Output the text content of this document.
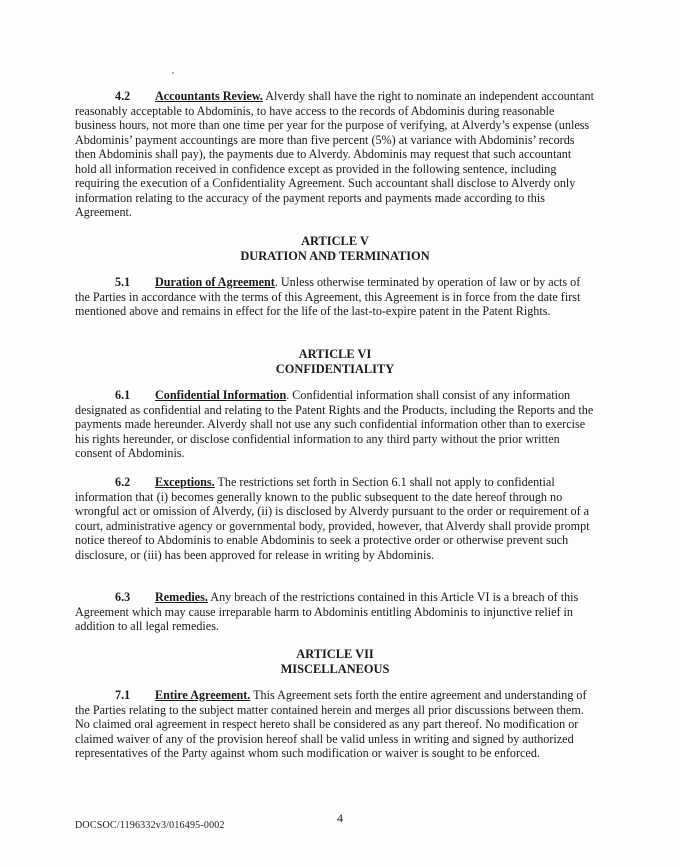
4.2 Accountants Review. Alverdy shall have the right to nominate an independent accountant reasonably acceptable to Abdominis, to have access to the records of Abdominis during reasonable business hours, not more than one time per year for the purpose of verifying, at Alverdy’s expense (unless Abdominis’ payment accountings are more than five percent (5%) at variance with Abdominis’ records then Abdominis shall pay), the payments due to Alverdy. Abdominis may request that such accountant hold all information received in confidence except as provided in the following sentence, including requiring the execution of a Confidentiality Agreement. Such accountant shall disclose to Alverdy only information relating to the accuracy of the payment reports and payments made according to this Agreement.
ARTICLE V
DURATION AND TERMINATION
5.1 Duration of Agreement. Unless otherwise terminated by operation of law or by acts of the Parties in accordance with the terms of this Agreement, this Agreement is in force from the date first mentioned above and remains in effect for the life of the last-to-expire patent in the Patent Rights.
ARTICLE VI
CONFIDENTIALITY
6.1 Confidential Information. Confidential information shall consist of any information designated as confidential and relating to the Patent Rights and the Products, including the Reports and the payments made hereunder. Alverdy shall not use any such confidential information other than to exercise his rights hereunder, or disclose confidential information to any third party without the prior written consent of Abdominis.
6.2 Exceptions. The restrictions set forth in Section 6.1 shall not apply to confidential information that (i) becomes generally known to the public subsequent to the date hereof through no wrongful act or omission of Alverdy, (ii) is disclosed by Alverdy pursuant to the order or requirement of a court, administrative agency or governmental body, provided, however, that Alverdy shall provide prompt notice thereof to Abdominis to enable Abdominis to seek a protective order or otherwise prevent such disclosure, or (iii) has been approved for release in writing by Abdominis.
6.3 Remedies. Any breach of the restrictions contained in this Article VI is a breach of this Agreement which may cause irreparable harm to Abdominis entitling Abdominis to injunctive relief in addition to all legal remedies.
ARTICLE VII
MISCELLANEOUS
7.1 Entire Agreement. This Agreement sets forth the entire agreement and understanding of the Parties relating to the subject matter contained herein and merges all prior discussions between them. No claimed oral agreement in respect hereto shall be considered as any part thereof. No modification or claimed waiver of any of the provision hereof shall be valid unless in writing and signed by authorized representatives of the Party against whom such modification or waiver is sought to be enforced.
4
DOCSOC/1196332v3/016495-0002
